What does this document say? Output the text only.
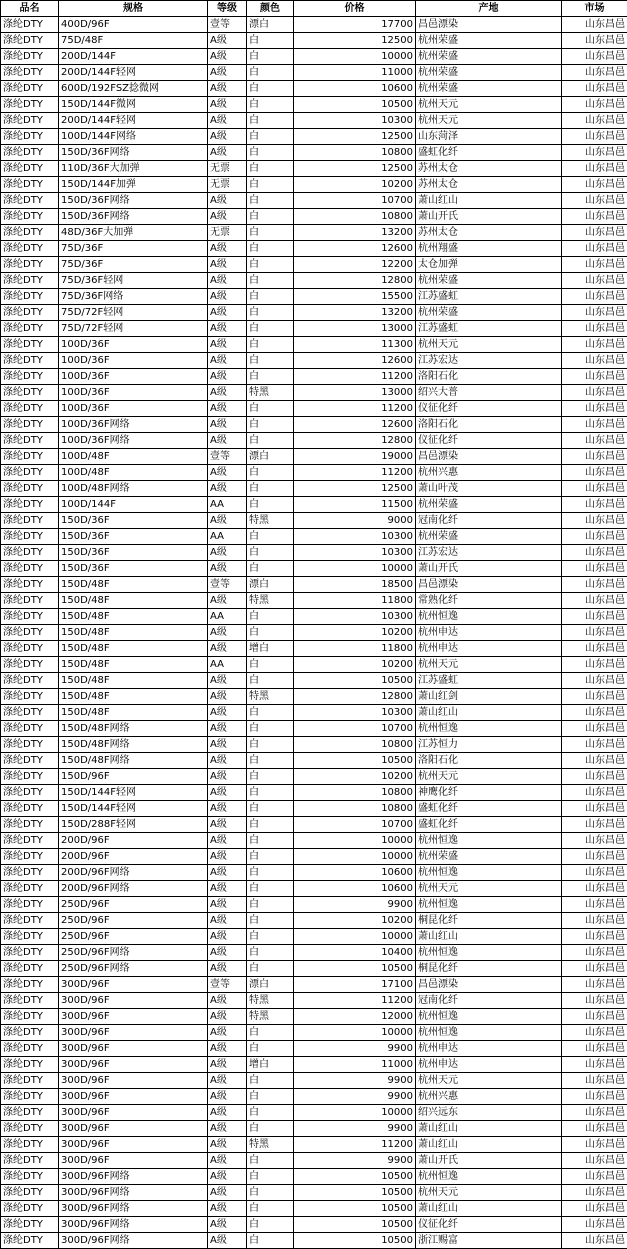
品名	规格	等级	颜色	价格	产地	市场
涤纶DTY	400D/96F	壹等	漂白	17700	昌邑漂染	山东昌邑
涤纶DTY	75D/48F	A级	白	12500	杭州荣盛	山东昌邑
涤纶DTY	200D/144F	A级	白	10000	杭州荣盛	山东昌邑
涤纶DTY	200D/144F轻网	A级	白	11000	杭州荣盛	山东昌邑
涤纶DTY	600D/192FSZ捻微网	A级	白	10600	杭州荣盛	山东昌邑
涤纶DTY	150D/144F微网	A级	白	10500	杭州天元	山东昌邑
涤纶DTY	200D/144F轻网	A级	白	10300	杭州天元	山东昌邑
涤纶DTY	100D/144F网络	A级	白	12500	山东菏泽	山东昌邑
涤纶DTY	150D/36F网络	A级	白	10800	盛虹化纤	山东昌邑
涤纶DTY	110D/36F大加弹	无票	白	12500	苏州太仓	山东昌邑
涤纶DTY	150D/144F加弹	无票	白	10200	苏州太仓	山东昌邑
涤纶DTY	150D/36F网络	A级	白	10700	萧山红山	山东昌邑
涤纶DTY	150D/36F网络	A级	白	10800	萧山开氏	山东昌邑
涤纶DTY	48D/36F大加弹	无票	白	13200	苏州太仓	山东昌邑
涤纶DTY	75D/36F	A级	白	12600	杭州翔盛	山东昌邑
涤纶DTY	75D/36F	A级	白	12200	太仓加弹	山东昌邑
涤纶DTY	75D/36F轻网	A级	白	12800	杭州荣盛	山东昌邑
涤纶DTY	75D/36F网络	A级	白	15500	江苏盛虹	山东昌邑
涤纶DTY	75D/72F轻网	A级	白	13200	杭州荣盛	山东昌邑
涤纶DTY	75D/72F轻网	A级	白	13000	江苏盛虹	山东昌邑
涤纶DTY	100D/36F	A级	白	11300	杭州天元	山东昌邑
涤纶DTY	100D/36F	A级	白	12600	江苏宏达	山东昌邑
涤纶DTY	100D/36F	A级	白	11200	洛阳石化	山东昌邑
涤纶DTY	100D/36F	A级	特黑	13000	绍兴大普	山东昌邑
涤纶DTY	100D/36F	A级	白	11200	仪征化纤	山东昌邑
涤纶DTY	100D/36F网络	A级	白	12600	洛阳石化	山东昌邑
涤纶DTY	100D/36F网络	A级	白	12800	仪征化纤	山东昌邑
涤纶DTY	100D/48F	壹等	漂白	19000	昌邑漂染	山东昌邑
涤纶DTY	100D/48F	A级	白	11200	杭州兴惠	山东昌邑
涤纶DTY	100D/48F网络	A级	白	12500	萧山叶茂	山东昌邑
涤纶DTY	100D/144F	AA	白	11500	杭州荣盛	山东昌邑
涤纶DTY	150D/36F	A级	特黑	9000	冠南化纤	山东昌邑
涤纶DTY	150D/36F	AA	白	10300	杭州荣盛	山东昌邑
涤纶DTY	150D/36F	A级	白	10300	江苏宏达	山东昌邑
涤纶DTY	150D/36F	A级	白	10000	萧山开氏	山东昌邑
涤纶DTY	150D/48F	壹等	漂白	18500	昌邑漂染	山东昌邑
涤纶DTY	150D/48F	A级	特黑	11800	常熟化纤	山东昌邑
涤纶DTY	150D/48F	AA	白	10300	杭州恒逸	山东昌邑
涤纶DTY	150D/48F	A级	白	10200	杭州申达	山东昌邑
涤纶DTY	150D/48F	A级	增白	11800	杭州申达	山东昌邑
涤纶DTY	150D/48F	AA	白	10200	杭州天元	山东昌邑
涤纶DTY	150D/48F	A级	白	10500	江苏盛虹	山东昌邑
涤纶DTY	150D/48F	A级	特黑	12800	萧山红剑	山东昌邑
涤纶DTY	150D/48F	A级	白	10300	萧山红山	山东昌邑
涤纶DTY	150D/48F网络	A级	白	10700	杭州恒逸	山东昌邑
涤纶DTY	150D/48F网络	A级	白	10800	江苏恒力	山东昌邑
涤纶DTY	150D/48F网络	A级	白	10500	洛阳石化	山东昌邑
涤纶DTY	150D/96F	A级	白	10200	杭州天元	山东昌邑
涤纶DTY	150D/144F轻网	A级	白	10800	神鹰化纤	山东昌邑
涤纶DTY	150D/144F轻网	A级	白	10800	盛虹化纤	山东昌邑
涤纶DTY	150D/288F轻网	A级	白	10700	盛虹化纤	山东昌邑
涤纶DTY	200D/96F	A级	白	10000	杭州恒逸	山东昌邑
涤纶DTY	200D/96F	A级	白	10000	杭州荣盛	山东昌邑
涤纶DTY	200D/96F网络	A级	白	10600	杭州恒逸	山东昌邑
涤纶DTY	200D/96F网络	A级	白	10600	杭州天元	山东昌邑
涤纶DTY	250D/96F	A级	白	9900	杭州恒逸	山东昌邑
涤纶DTY	250D/96F	A级	白	10200	桐昆化纤	山东昌邑
涤纶DTY	250D/96F	A级	白	10000	萧山红山	山东昌邑
涤纶DTY	250D/96F网络	A级	白	10400	杭州恒逸	山东昌邑
涤纶DTY	250D/96F网络	A级	白	10500	桐昆化纤	山东昌邑
涤纶DTY	300D/96F	壹等	漂白	17100	昌邑漂染	山东昌邑
涤纶DTY	300D/96F	A级	特黑	11200	冠南化纤	山东昌邑
涤纶DTY	300D/96F	A级	特黑	12000	杭州恒逸	山东昌邑
涤纶DTY	300D/96F	A级	白	10000	杭州恒逸	山东昌邑
涤纶DTY	300D/96F	A级	白	9900	杭州申达	山东昌邑
涤纶DTY	300D/96F	A级	增白	11000	杭州申达	山东昌邑
涤纶DTY	300D/96F	A级	白	9900	杭州天元	山东昌邑
涤纶DTY	300D/96F	A级	白	9900	杭州兴惠	山东昌邑
涤纶DTY	300D/96F	A级	白	10000	绍兴远东	山东昌邑
涤纶DTY	300D/96F	A级	白	9900	萧山红山	山东昌邑
涤纶DTY	300D/96F	A级	特黑	11200	萧山红山	山东昌邑
涤纶DTY	300D/96F	A级	白	9900	萧山开氏	山东昌邑
涤纶DTY	300D/96F网络	A级	白	10500	杭州恒逸	山东昌邑
涤纶DTY	300D/96F网络	A级	白	10500	杭州天元	山东昌邑
涤纶DTY	300D/96F网络	A级	白	10500	萧山红山	山东昌邑
涤纶DTY	300D/96F网络	A级	白	10500	仪征化纤	山东昌邑
涤纶DTY	300D/96F网络	A级	白	10500	浙江赐富	山东昌邑
